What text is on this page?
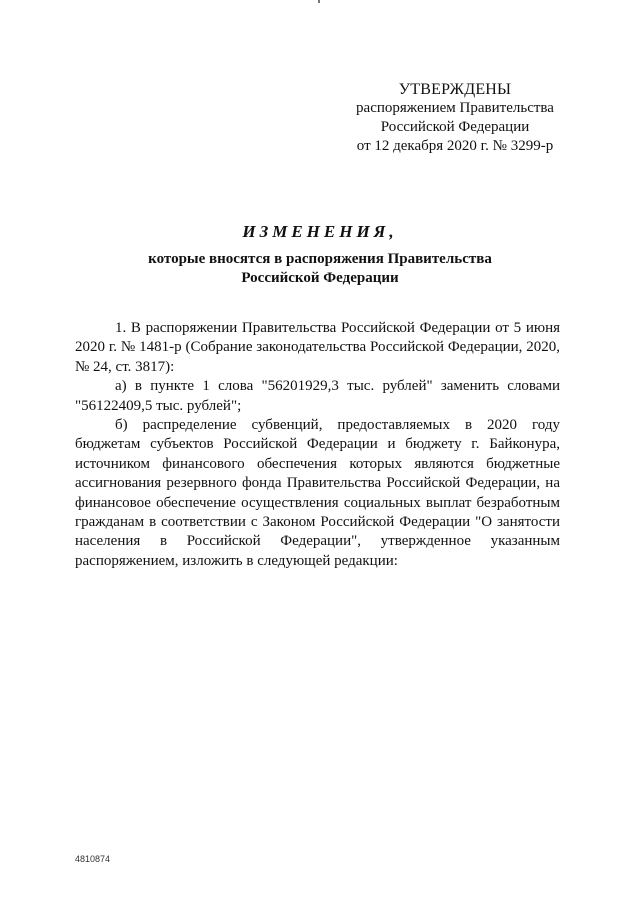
УТВЕРЖДЕНЫ
распоряжением Правительства
Российской Федерации
от 12 декабря 2020 г. № 3299-р
ИЗМЕНЕНИЯ,
которые вносятся в распоряжения Правительства
Российской Федерации

1. В распоряжении Правительства Российской Федерации от 5 июня 2020 г. № 1481-р (Собрание законодательства Российской Федерации, 2020, № 24, ст. 3817):

а) в пункте 1 слова "56201929,3 тыс. рублей" заменить словами "56122409,5 тыс. рублей";

б) распределение субвенций, предоставляемых в 2020 году бюджетам субъектов Российской Федерации и бюджету г. Байконура, источником финансового обеспечения которых являются бюджетные ассигнования резервного фонда Правительства Российской Федерации, на финансовое обеспечение осуществления социальных выплат безработным гражданам в соответствии с Законом Российской Федерации "О занятости населения в Российской Федерации", утвержденное указанным распоряжением, изложить в следующей редакции:

4810874
